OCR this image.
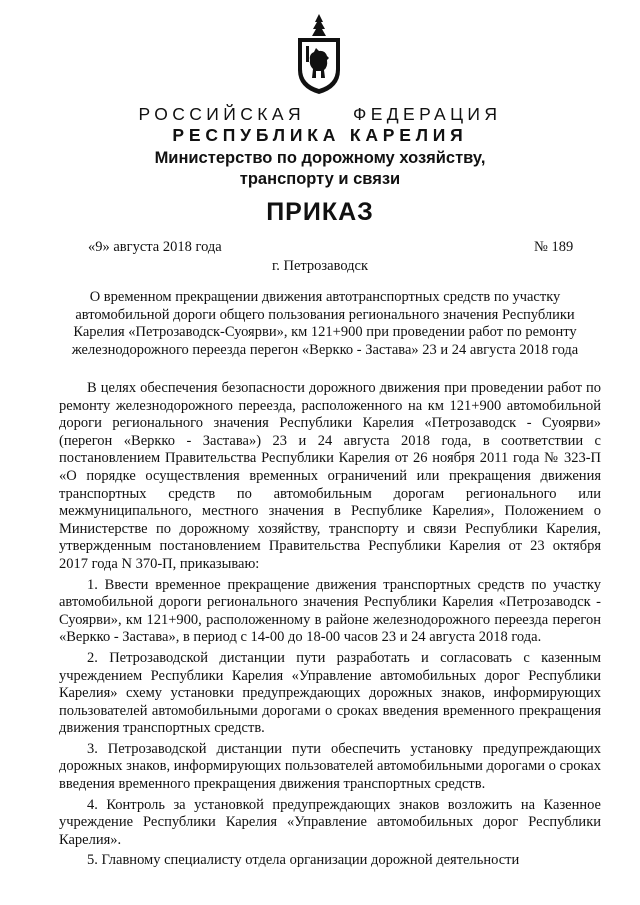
РОССИЙСКАЯ	ФЕДЕРАЦИЯ
РЕСПУБЛИКА КАРЕЛИЯ
Министерство по дорожному хозяйству,
транспорту и связи
ПРИКАЗ
«9» августа 2018 года	№ 189
г. Петрозаводск
О временном прекращении движения автотранспортных средств по участку автомобильной дороги общего пользования регионального значения Республики Карелия «Петрозаводск-Суоярви», км 121+900 при проведении работ по ремонту железнодорожного переезда перегон «Веркко - Застава» 23 и 24 августа 2018 года

В целях обеспечения безопасности дорожного движения при проведении работ по ремонту железнодорожного переезда, расположенного на км 121+900 автомобильной дороги регионального значения Республики Карелия «Петрозаводск - Суоярви» (перегон «Веркко - Застава») 23 и 24 августа 2018 года, в соответствии с постановлением Правительства Республики Карелия от 26 ноября 2011 года № 323-П «О порядке осуществления временных ограничений или прекращения движения транспортных средств по автомобильным дорогам регионального или межмуниципального, местного значения в Республике Карелия», Положением о Министерстве по дорожному хозяйству, транспорту и связи Республики Карелия, утвержденным постановлением Правительства Республики Карелия от 23 октября 2017 года N 370-П, приказываю:

1. Ввести временное прекращение движения транспортных средств по участку автомобильной дороги регионального значения Республики Карелия «Петрозаводск - Суоярви», км 121+900, расположенному в районе железнодорожного переезда перегон «Веркко - Застава», в период с 14-00 до 18-00 часов 23 и 24 августа 2018 года.

2. Петрозаводской дистанции пути разработать и согласовать с казенным учреждением Республики Карелия «Управление автомобильных дорог Республики Карелия» схему установки предупреждающих дорожных знаков, информирующих пользователей автомобильными дорогами о сроках введения временного прекращения движения транспортных средств.

3. Петрозаводской дистанции пути обеспечить установку предупреждающих дорожных знаков, информирующих пользователей автомобильными дорогами о сроках введения временного прекращения движения транспортных средств.

4. Контроль за установкой предупреждающих знаков возложить на Казенное учреждение Республики Карелия «Управление автомобильных дорог Республики Карелия».

5. Главному специалисту отдела организации дорожной деятельности
